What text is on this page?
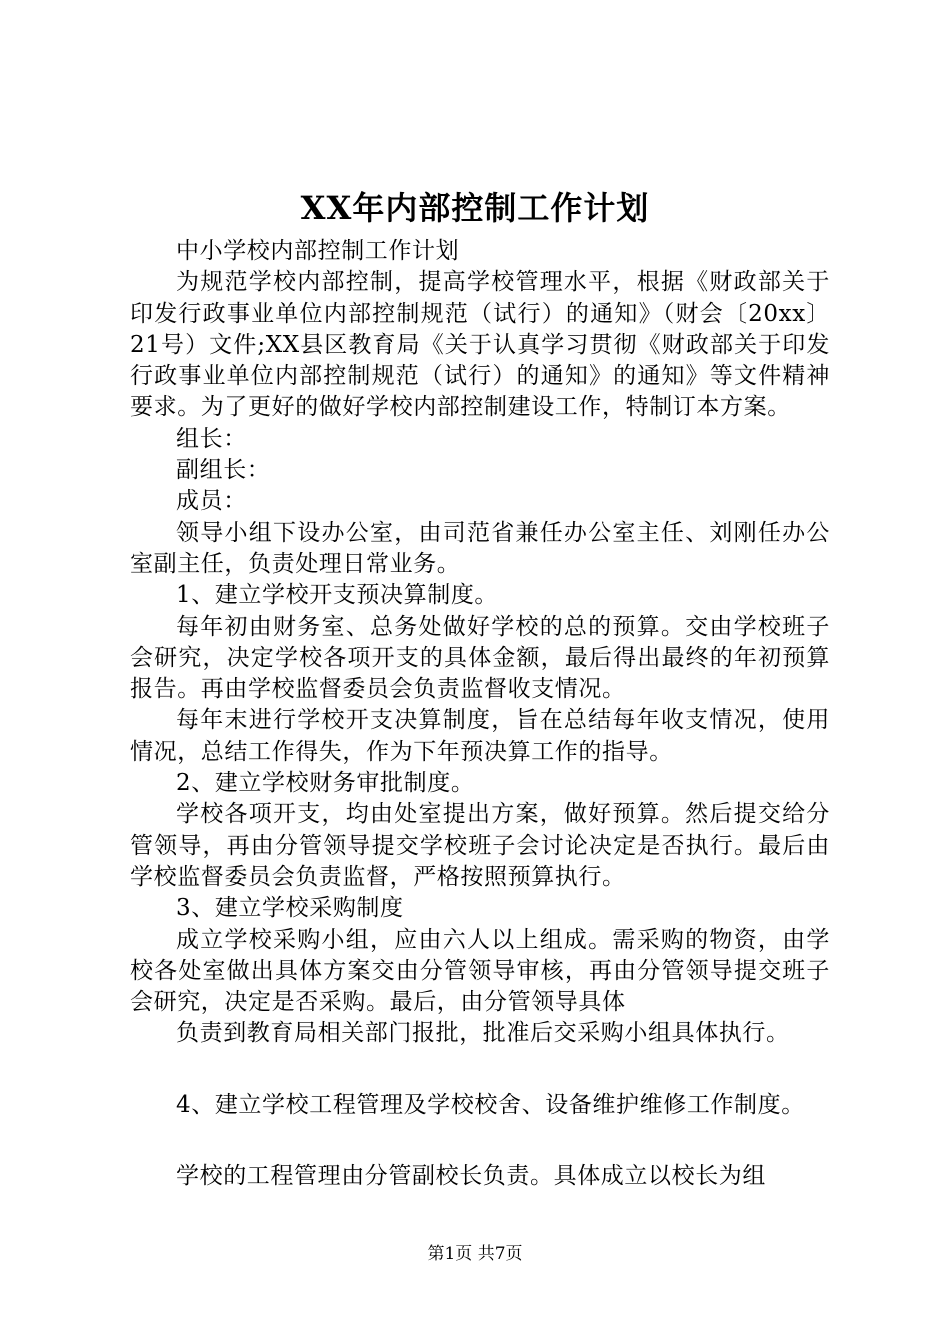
XX年内部控制工作计划

中小学校内部控制工作计划

为规范学校内部控制，提高学校管理水平，根据《财政部关于印发行政事业单位内部控制规范（试行）的通知》（财会〔20xx〕21号）文件;XX县区教育局《关于认真学习贯彻《财政部关于印发行政事业单位内部控制规范（试行）的通知》的通知》等文件精神要求。为了更好的做好学校内部控制建设工作，特制订本方案。

组长：

副组长：

成员：

领导小组下设办公室，由司范省兼任办公室主任、刘刚任办公室副主任，负责处理日常业务。

1、建立学校开支预决算制度。

每年初由财务室、总务处做好学校的总的预算。交由学校班子会研究，决定学校各项开支的具体金额，最后得出最终的年初预算报告。再由学校监督委员会负责监督收支情况。

每年末进行学校开支决算制度，旨在总结每年收支情况，使用情况，总结工作得失，作为下年预决算工作的指导。

2、建立学校财务审批制度。

学校各项开支，均由处室提出方案，做好预算。然后提交给分管领导，再由分管领导提交学校班子会讨论决定是否执行。最后由学校监督委员会负责监督，严格按照预算执行。

3、建立学校采购制度

成立学校采购小组，应由六人以上组成。需采购的物资，由学校各处室做出具体方案交由分管领导审核，再由分管领导提交班子会研究，决定是否采购。最后，由分管领导具体

负责到教育局相关部门报批，批准后交采购小组具体执行。

4、建立学校工程管理及学校校舍、设备维护维修工作制度。

学校的工程管理由分管副校长负责。具体成立以校长为组

第1页 共7页
